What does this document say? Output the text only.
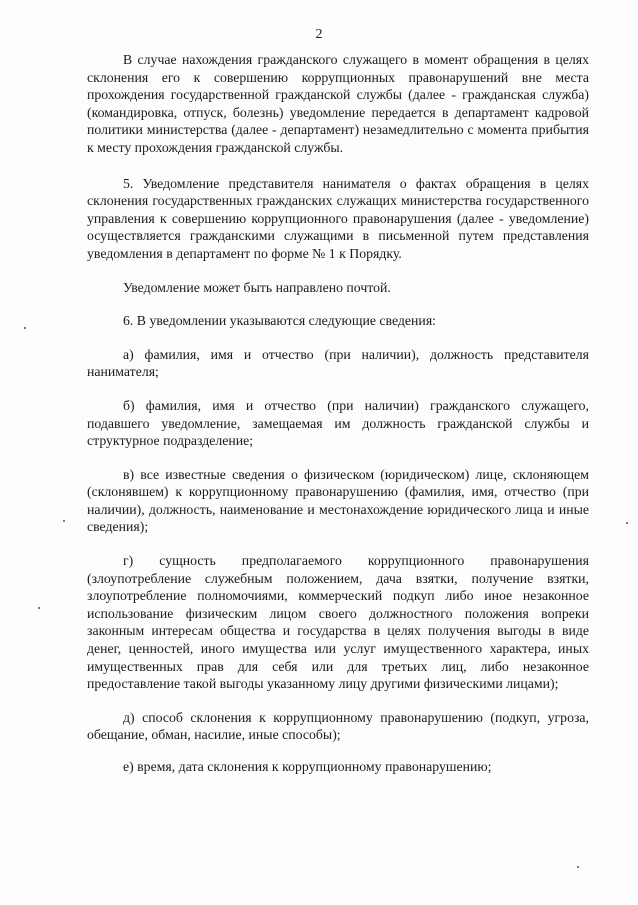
2

В случае нахождения гражданского служащего в момент обращения в целях склонения его к совершению коррупционных правонарушений вне места прохождения государственной гражданской службы (далее - гражданская служба) (командировка, отпуск, болезнь) уведомление передается в департамент кадровой политики министерства (далее - департамент) незамедлительно с момента прибытия к месту прохождения гражданской службы.

5. Уведомление представителя нанимателя о фактах обращения в целях склонения государственных гражданских служащих министерства государственного управления к совершению коррупционного правонарушения (далее - уведомление) осуществляется гражданскими служащими в письменной путем представления уведомления в департамент по форме № 1 к Порядку.

Уведомление может быть направлено почтой.

6. В уведомлении указываются следующие сведения:

а) фамилия, имя и отчество (при наличии), должность представителя нанимателя;

б) фамилия, имя и отчество (при наличии) гражданского служащего, подавшего уведомление, замещаемая им должность гражданской службы и структурное подразделение;

в) все известные сведения о физическом (юридическом) лице, склоняющем (склонявшем) к коррупционному правонарушению (фамилия, имя, отчество (при наличии), должность, наименование и местонахождение юридического лица и иные сведения);

г) сущность предполагаемого коррупционного правонарушения (злоупотребление служебным положением, дача взятки, получение взятки, злоупотребление полномочиями, коммерческий подкуп либо иное незаконное использование физическим лицом своего должностного положения вопреки законным интересам общества и государства в целях получения выгоды в виде денег, ценностей, иного имущества или услуг имущественного характера, иных имущественных прав для себя или для третьих лиц, либо незаконное предоставление такой выгоды указанному лицу другими физическими лицами);

д) способ склонения к коррупционному правонарушению (подкуп, угроза, обещание, обман, насилие, иные способы);

е) время, дата склонения к коррупционному правонарушению;
